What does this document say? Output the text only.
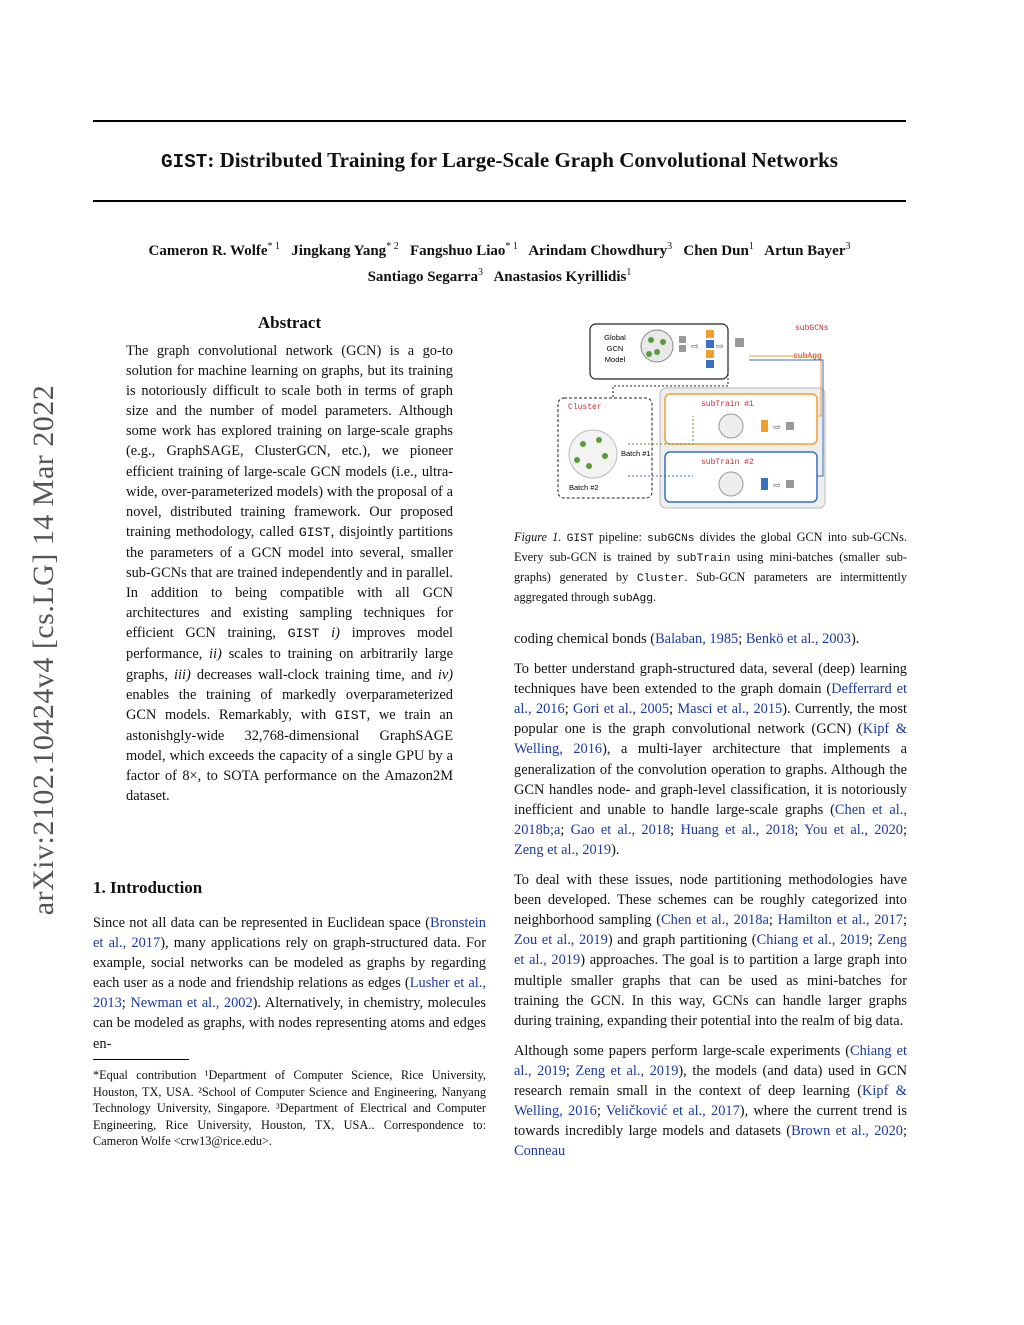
GIST: Distributed Training for Large-Scale Graph Convolutional Networks
Cameron R. Wolfe$^{* 1}$ Jingkang Yang$^{* 2}$ Fangshuo Liao$^{* 1}$ Arindam Chowdhury$^3$ Chen Dun$^1$ Artun Bayer$^3$
Santiago Segarra$^3$ Anastasios Kyrillidis$^1$
arXiv:2102.10424v4 [cs.LG] 14 Mar 2022
Abstract
The graph convolutional network (GCN) is a go-to solution for machine learning on graphs, but its training is notoriously difficult to scale both in terms of graph size and the number of model parameters. Although some work has explored training on large-scale graphs (e.g., GraphSAGE, ClusterGCN, etc.), we pioneer efficient training of large-scale GCN models (i.e., ultra-wide, over-parameterized models) with the proposal of a novel, distributed training framework. Our proposed training methodology, called GIST, disjointly partitions the parameters of a GCN model into several, smaller sub-GCNs that are trained independently and in parallel. In addition to being compatible with all GCN architectures and existing sampling techniques for efficient GCN training, GIST i) improves model performance, ii) scales to training on arbitrarily large graphs, iii) decreases wall-clock training time, and iv) enables the training of markedly overparameterized GCN models. Remarkably, with GIST, we train an astonishgly-wide 32,768-dimensional GraphSAGE model, which exceeds the capacity of a single GPU by a factor of 8×, to SOTA performance on the Amazon2M dataset.
1. Introduction
Since not all data can be represented in Euclidean space (Bronstein et al., 2017), many applications rely on graph-structured data. For example, social networks can be modeled as graphs by regarding each user as a node and friendship relations as edges (Lusher et al., 2013; Newman et al., 2002). Alternatively, in chemistry, molecules can be modeled as graphs, with nodes representing atoms and edges en-
*Equal contribution ¹Department of Computer Science, Rice University, Houston, TX, USA. ²School of Computer Science and Engineering, Nanyang Technology University, Singapore. ³Department of Electrical and Computer Engineering, Rice University, Houston, TX, USA.. Correspondence to: Cameron Wolfe <crw13@rice.edu>.
Global
GCN
Model
⇨ ⇨
subGCNs
subAgg
Cluster
Batch #1
Batch #2
subTrain #1
subTrain #2
⇨
⇨
Figure 1. GIST pipeline: subGCNs divides the global GCN into sub-GCNs. Every sub-GCN is trained by subTrain using mini-batches (smaller sub-graphs) generated by Cluster. Sub-GCN parameters are intermittently aggregated through subAgg.

coding chemical bonds (Balaban, 1985; Benkö et al., 2003).

To better understand graph-structured data, several (deep) learning techniques have been extended to the graph domain (Defferrard et al., 2016; Gori et al., 2005; Masci et al., 2015). Currently, the most popular one is the graph convolutional network (GCN) (Kipf & Welling, 2016), a multi-layer architecture that implements a generalization of the convolution operation to graphs. Although the GCN handles node- and graph-level classification, it is notoriously inefficient and unable to handle large-scale graphs (Chen et al., 2018b;a; Gao et al., 2018; Huang et al., 2018; You et al., 2020; Zeng et al., 2019).

To deal with these issues, node partitioning methodologies have been developed. These schemes can be roughly categorized into neighborhood sampling (Chen et al., 2018a; Hamilton et al., 2017; Zou et al., 2019) and graph partitioning (Chiang et al., 2019; Zeng et al., 2019) approaches. The goal is to partition a large graph into multiple smaller graphs that can be used as mini-batches for training the GCN. In this way, GCNs can handle larger graphs during training, expanding their potential into the realm of big data.

Although some papers perform large-scale experiments (Chiang et al., 2019; Zeng et al., 2019), the models (and data) used in GCN research remain small in the context of deep learning (Kipf & Welling, 2016; Veličković et al., 2017), where the current trend is towards incredibly large models and datasets (Brown et al., 2020; Conneau
